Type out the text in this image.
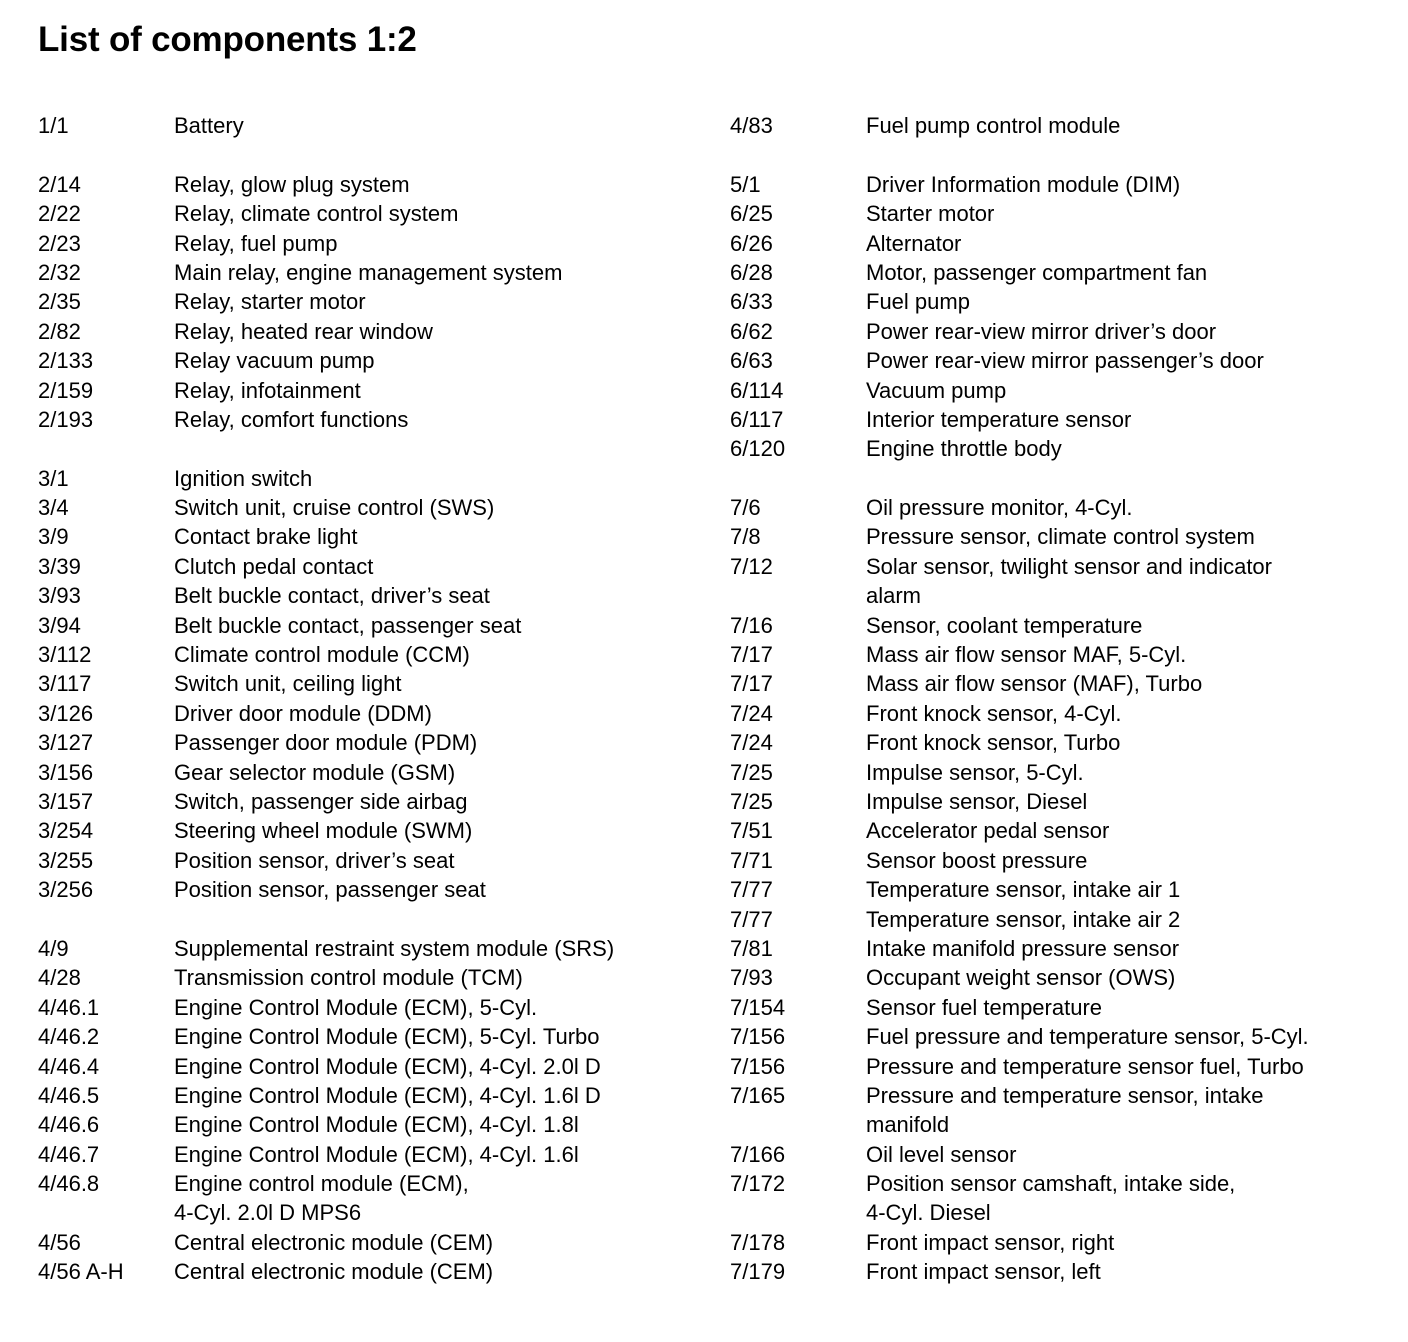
List of components 1:2
1/1	Battery
2/14	Relay, glow plug system
2/22	Relay, climate control system
2/23	Relay, fuel pump
2/32	Main relay, engine management system
2/35	Relay, starter motor
2/82	Relay, heated rear window
2/133	Relay vacuum pump
2/159	Relay, infotainment
2/193	Relay, comfort functions
3/1	Ignition switch
3/4	Switch unit, cruise control (SWS)
3/9	Contact brake light
3/39	Clutch pedal contact
3/93	Belt buckle contact, driver’s seat
3/94	Belt buckle contact, passenger seat
3/112	Climate control module (CCM)
3/117	Switch unit, ceiling light
3/126	Driver door module (DDM)
3/127	Passenger door module (PDM)
3/156	Gear selector module (GSM)
3/157	Switch, passenger side airbag
3/254	Steering wheel module (SWM)
3/255	Position sensor, driver’s seat
3/256	Position sensor, passenger seat
4/9	Supplemental restraint system module (SRS)
4/28	Transmission control module (TCM)
4/46.1	Engine Control Module (ECM), 5-Cyl.
4/46.2	Engine Control Module (ECM), 5-Cyl. Turbo
4/46.4	Engine Control Module (ECM), 4-Cyl. 2.0l D
4/46.5	Engine Control Module (ECM), 4-Cyl. 1.6l D
4/46.6	Engine Control Module (ECM), 4-Cyl. 1.8l
4/46.7	Engine Control Module (ECM), 4-Cyl. 1.6l
4/46.8	Engine control module (ECM),
4-Cyl. 2.0l D MPS6
4/56	Central electronic module (CEM)
4/56 A-H Central electronic module (CEM)
4/83	Fuel pump control module
5/1	Driver Information module (DIM)
6/25	Starter motor
6/26	Alternator
6/28	Motor, passenger compartment fan
6/33	Fuel pump
6/62	Power rear-view mirror driver’s door
6/63	Power rear-view mirror passenger’s door
6/114	Vacuum pump
6/117	Interior temperature sensor
6/120	Engine throttle body
7/6	Oil pressure monitor, 4-Cyl.
7/8	Pressure sensor, climate control system
7/12	Solar sensor, twilight sensor and indicator
alarm
7/16	Sensor, coolant temperature
7/17	Mass air flow sensor MAF, 5-Cyl.
7/17	Mass air flow sensor (MAF), Turbo
7/24	Front knock sensor, 4-Cyl.
7/24	Front knock sensor, Turbo
7/25	Impulse sensor, 5-Cyl.
7/25	Impulse sensor, Diesel
7/51	Accelerator pedal sensor
7/71	Sensor boost pressure
7/77	Temperature sensor, intake air 1
7/77	Temperature sensor, intake air 2
7/81	Intake manifold pressure sensor
7/93	Occupant weight sensor (OWS)
7/154	Sensor fuel temperature
7/156	Fuel pressure and temperature sensor, 5-Cyl.
7/156	Pressure and temperature sensor fuel, Turbo
7/165	Pressure and temperature sensor, intake
manifold
7/166	Oil level sensor
7/172	Position sensor camshaft, intake side,
4-Cyl. Diesel
7/178	Front impact sensor, right
7/179	Front impact sensor, left
